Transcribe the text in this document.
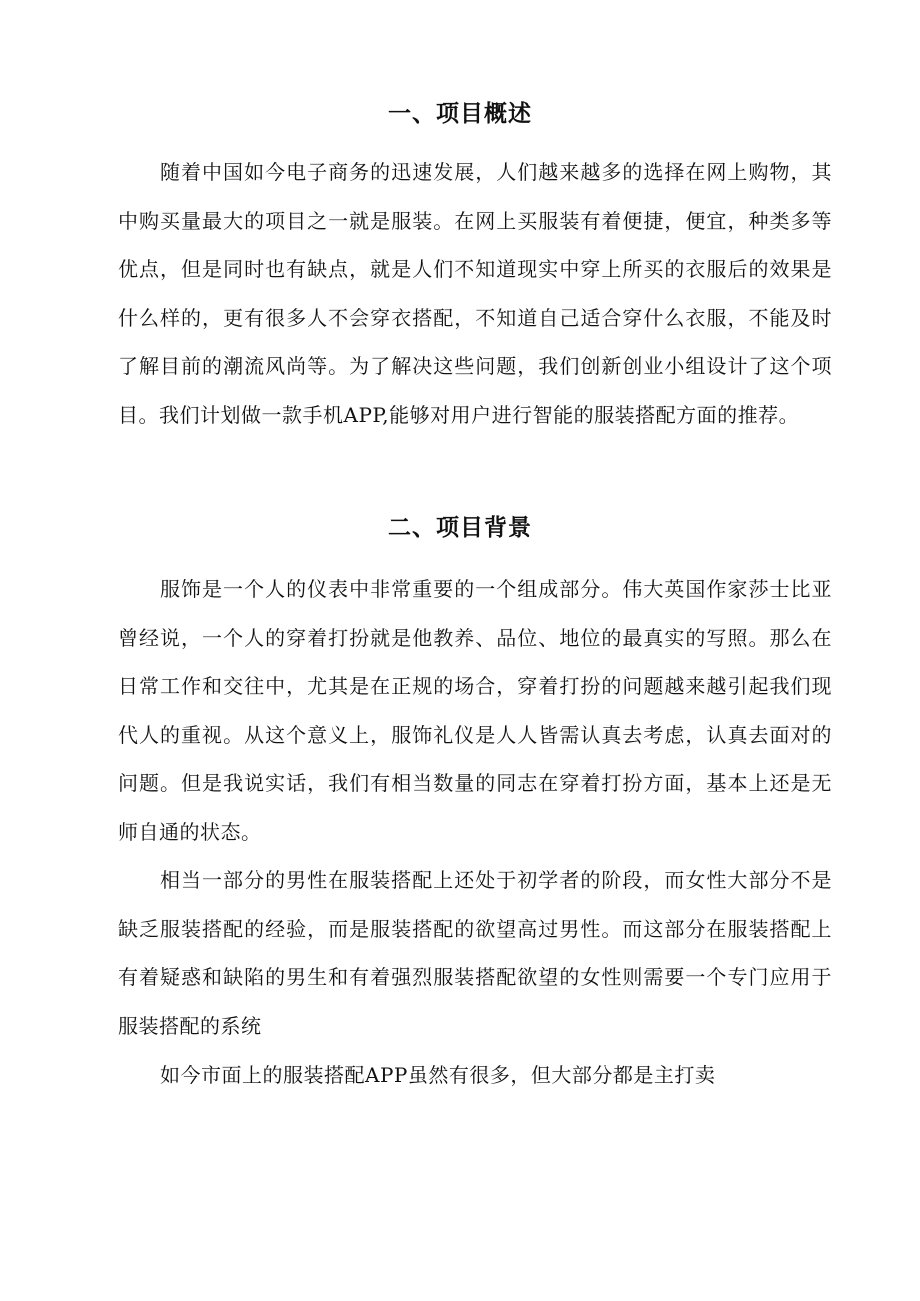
一、项目概述

随着中国如今电子商务的迅速发展，人们越来越多的选择在网上购物，其中购买量最大的项目之一就是服装。在网上买服装有着便捷，便宜，种类多等优点，但是同时也有缺点，就是人们不知道现实中穿上所买的衣服后的效果是什么样的，更有很多人不会穿衣搭配，不知道自己适合穿什么衣服，不能及时了解目前的潮流风尚等。为了解决这些问题，我们创新创业小组设计了这个项目。我们计划做一款手机APP,能够对用户进行智能的服装搭配方面的推荐。

二、项目背景

服饰是一个人的仪表中非常重要的一个组成部分。伟大英国作家莎士比亚曾经说，一个人的穿着打扮就是他教养、品位、地位的最真实的写照。那么在日常工作和交往中，尤其是在正规的场合，穿着打扮的问题越来越引起我们现代人的重视。从这个意义上，服饰礼仪是人人皆需认真去考虑，认真去面对的问题。但是我说实话，我们有相当数量的同志在穿着打扮方面，基本上还是无师自通的状态。

相当一部分的男性在服装搭配上还处于初学者的阶段，而女性大部分不是缺乏服装搭配的经验，而是服装搭配的欲望高过男性。而这部分在服装搭配上有着疑惑和缺陷的男生和有着强烈服装搭配欲望的女性则需要一个专门应用于服装搭配的系统

如今市面上的服装搭配APP虽然有很多，但大部分都是主打卖
